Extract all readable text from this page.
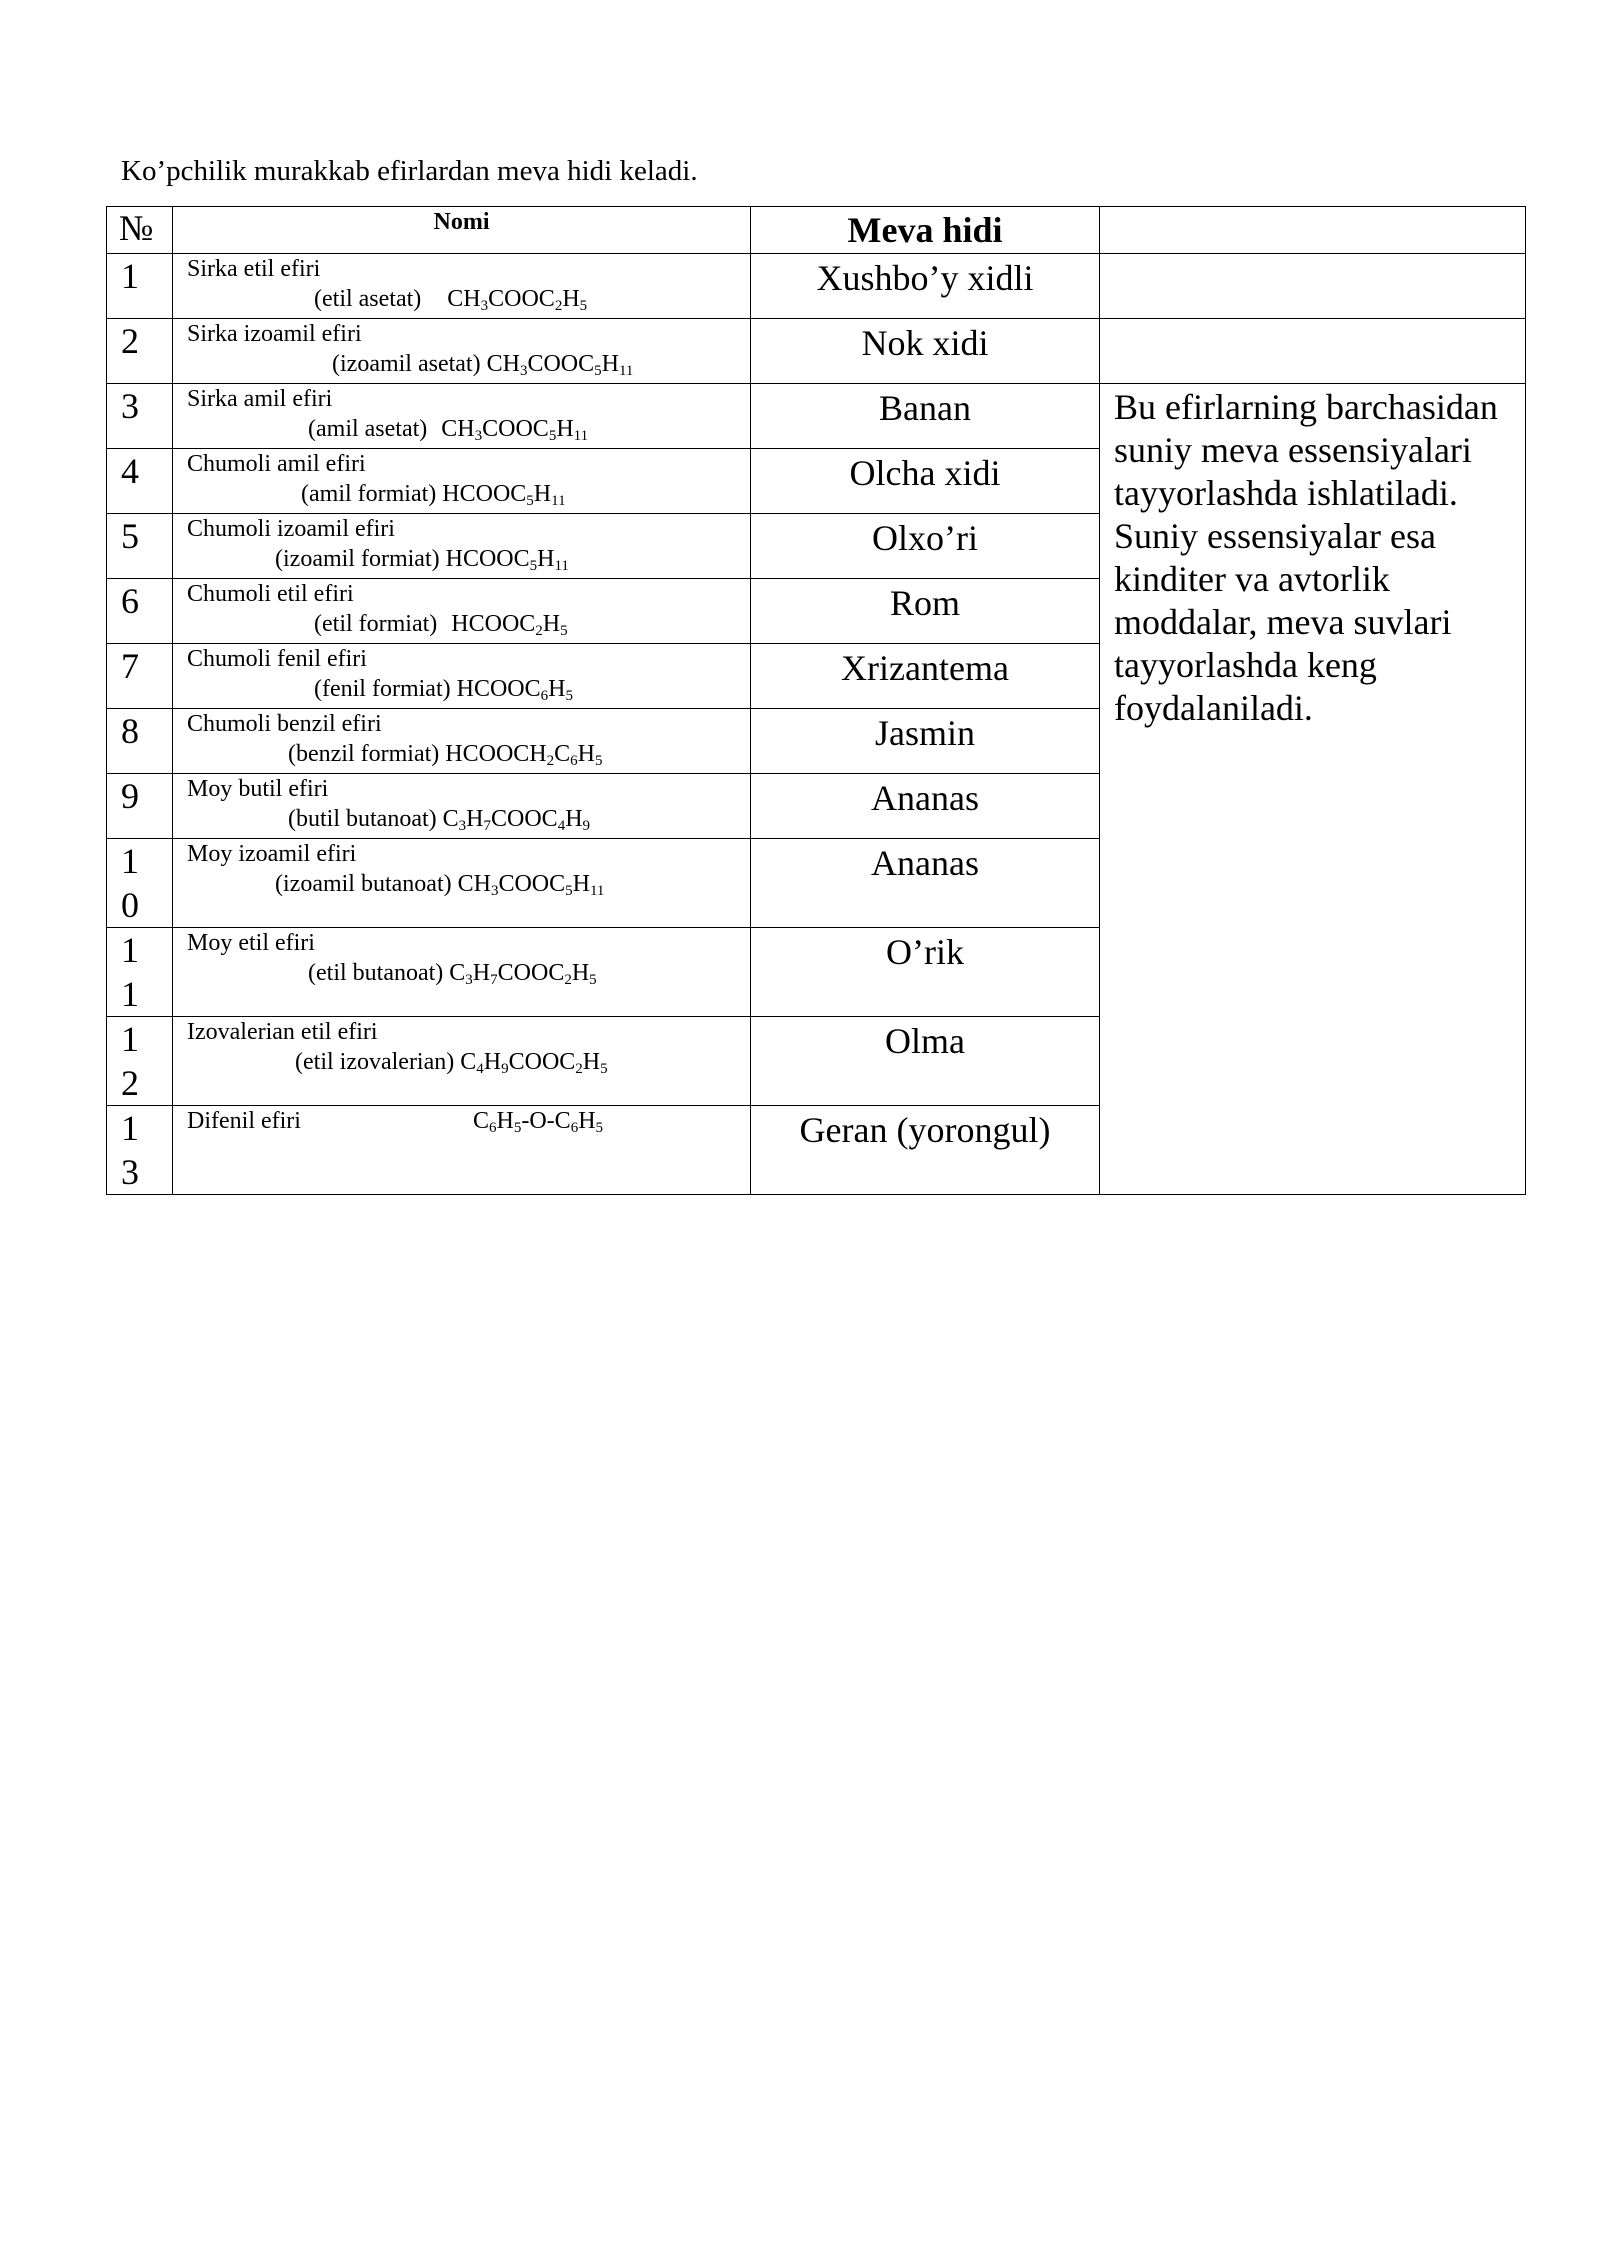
Ko’pchilik murakkab efirlardan meva hidi keladi.
№	Nomi	Meva hidi	

1	Sirka etil efiri
(etil asetat) $CH_3COOC_2H_5$	Xushbo’y xidli	

2	Sirka izoamil efiri
(izoamil asetat) $CH_3COOC_5H_{11}$	Nok xidi	

3	Sirka amil efiri
(amil asetat) $CH_3COOC_5H_{11}$	Banan	Bu efirlarning barchasidan suniy meva essensiyalari tayyorlashda ishlatiladi. Suniy essensiyalar esa kinditer va avtorlik moddalar, meva suvlari tayyorlashda keng foydalaniladi.

4	Chumoli amil efiri
(amil formiat) $HCOOC_5H_{11}$	Olcha xidi	

5	Chumoli izoamil efiri
(izoamil formiat) $HCOOC_5H_{11}$	Olxo’ri	

6	Chumoli etil efiri
(etil formiat) $HCOOC_2H_5$	Rom	

7	Chumoli fenil efiri
(fenil formiat) $HCOOC_6H_5$	Xrizantema	

8	Chumoli benzil efiri
(benzil formiat) $HCOOCH_2C_6H_5$	Jasmin	

9	Moy butil efiri
(butil butanoat) $C_3H_7COOC_4H_9$	Ananas	

10	Moy izoamil efiri
(izoamil butanoat) $CH_3COOC_5H_{11}$	Ananas	

11	Moy etil efiri
(etil butanoat) $C_3H_7COOC_2H_5$	O’rik	

12	Izovalerian etil efiri
(etil izovalerian) $C_4H_9COOC_2H_5$	Olma	

13	Difenil efiri $C_6H_5-O-C_6H_5$	Geran (yorongul)	
